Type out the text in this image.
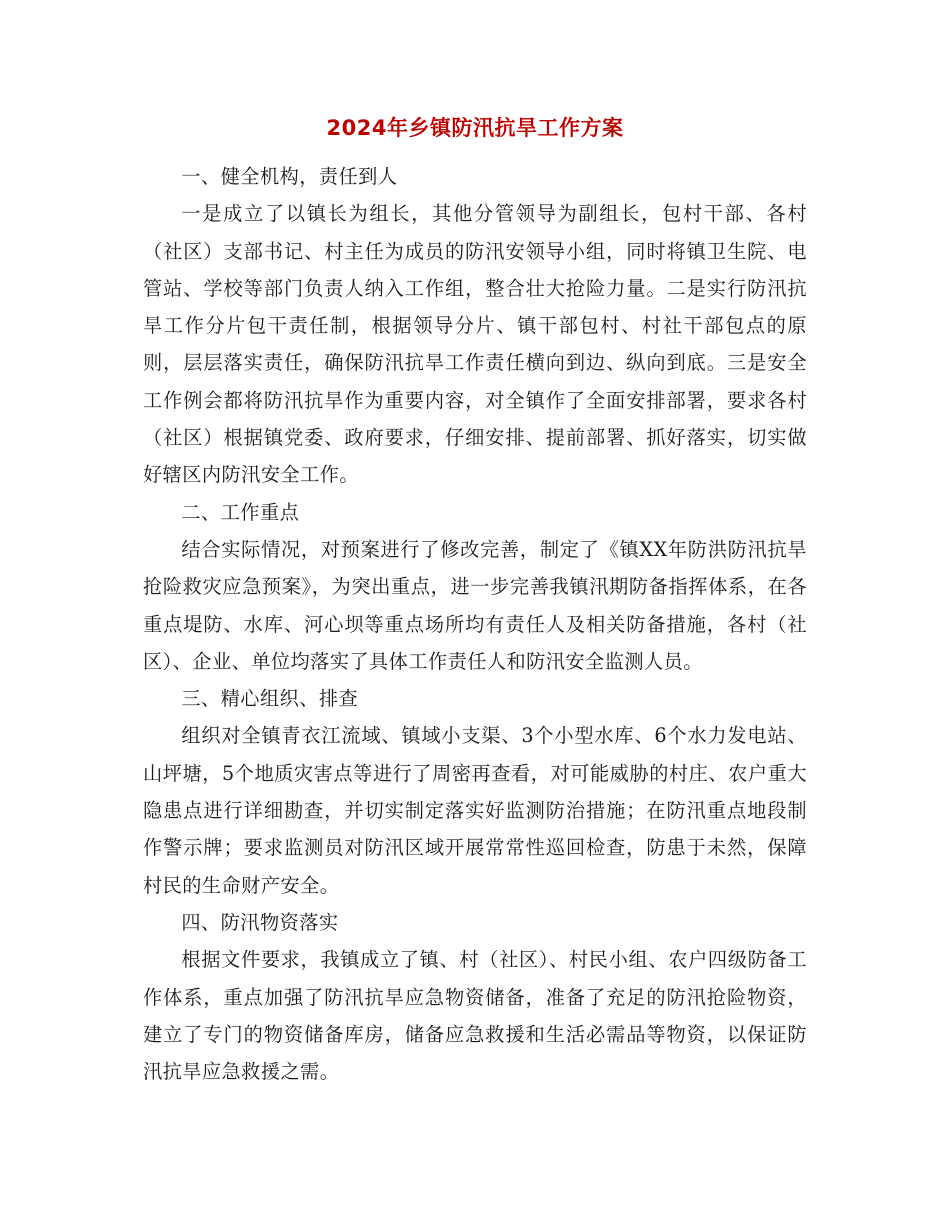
2024年乡镇防汛抗旱工作方案

一、健全机构，责任到人

一是成立了以镇长为组长，其他分管领导为副组长，包村干部、各村（社区）支部书记、村主任为成员的防汛安领导小组，同时将镇卫生院、电管站、学校等部门负责人纳入工作组，整合壮大抢险力量。二是实行防汛抗旱工作分片包干责任制，根据领导分片、镇干部包村、村社干部包点的原则，层层落实责任，确保防汛抗旱工作责任横向到边、纵向到底。三是安全工作例会都将防汛抗旱作为重要内容，对全镇作了全面安排部署，要求各村（社区）根据镇党委、政府要求，仔细安排、提前部署、抓好落实，切实做好辖区内防汛安全工作。

二、工作重点

结合实际情况，对预案进行了修改完善，制定了《镇XX年防洪防汛抗旱抢险救灾应急预案》，为突出重点，进一步完善我镇汛期防备指挥体系，在各重点堤防、水库、河心坝等重点场所均有责任人及相关防备措施，各村（社区）、企业、单位均落实了具体工作责任人和防汛安全监测人员。

三、精心组织、排查

组织对全镇青衣江流域、镇域小支渠、3个小型水库、6个水力发电站、山坪塘，5个地质灾害点等进行了周密再查看，对可能威胁的村庄、农户重大隐患点进行详细勘查，并切实制定落实好监测防治措施；在防汛重点地段制作警示牌；要求监测员对防汛区域开展常常性巡回检查，防患于未然，保障村民的生命财产安全。

四、防汛物资落实

根据文件要求，我镇成立了镇、村（社区）、村民小组、农户四级防备工作体系，重点加强了防汛抗旱应急物资储备，准备了充足的防汛抢险物资，建立了专门的物资储备库房，储备应急救援和生活必需品等物资，以保证防汛抗旱应急救援之需。
